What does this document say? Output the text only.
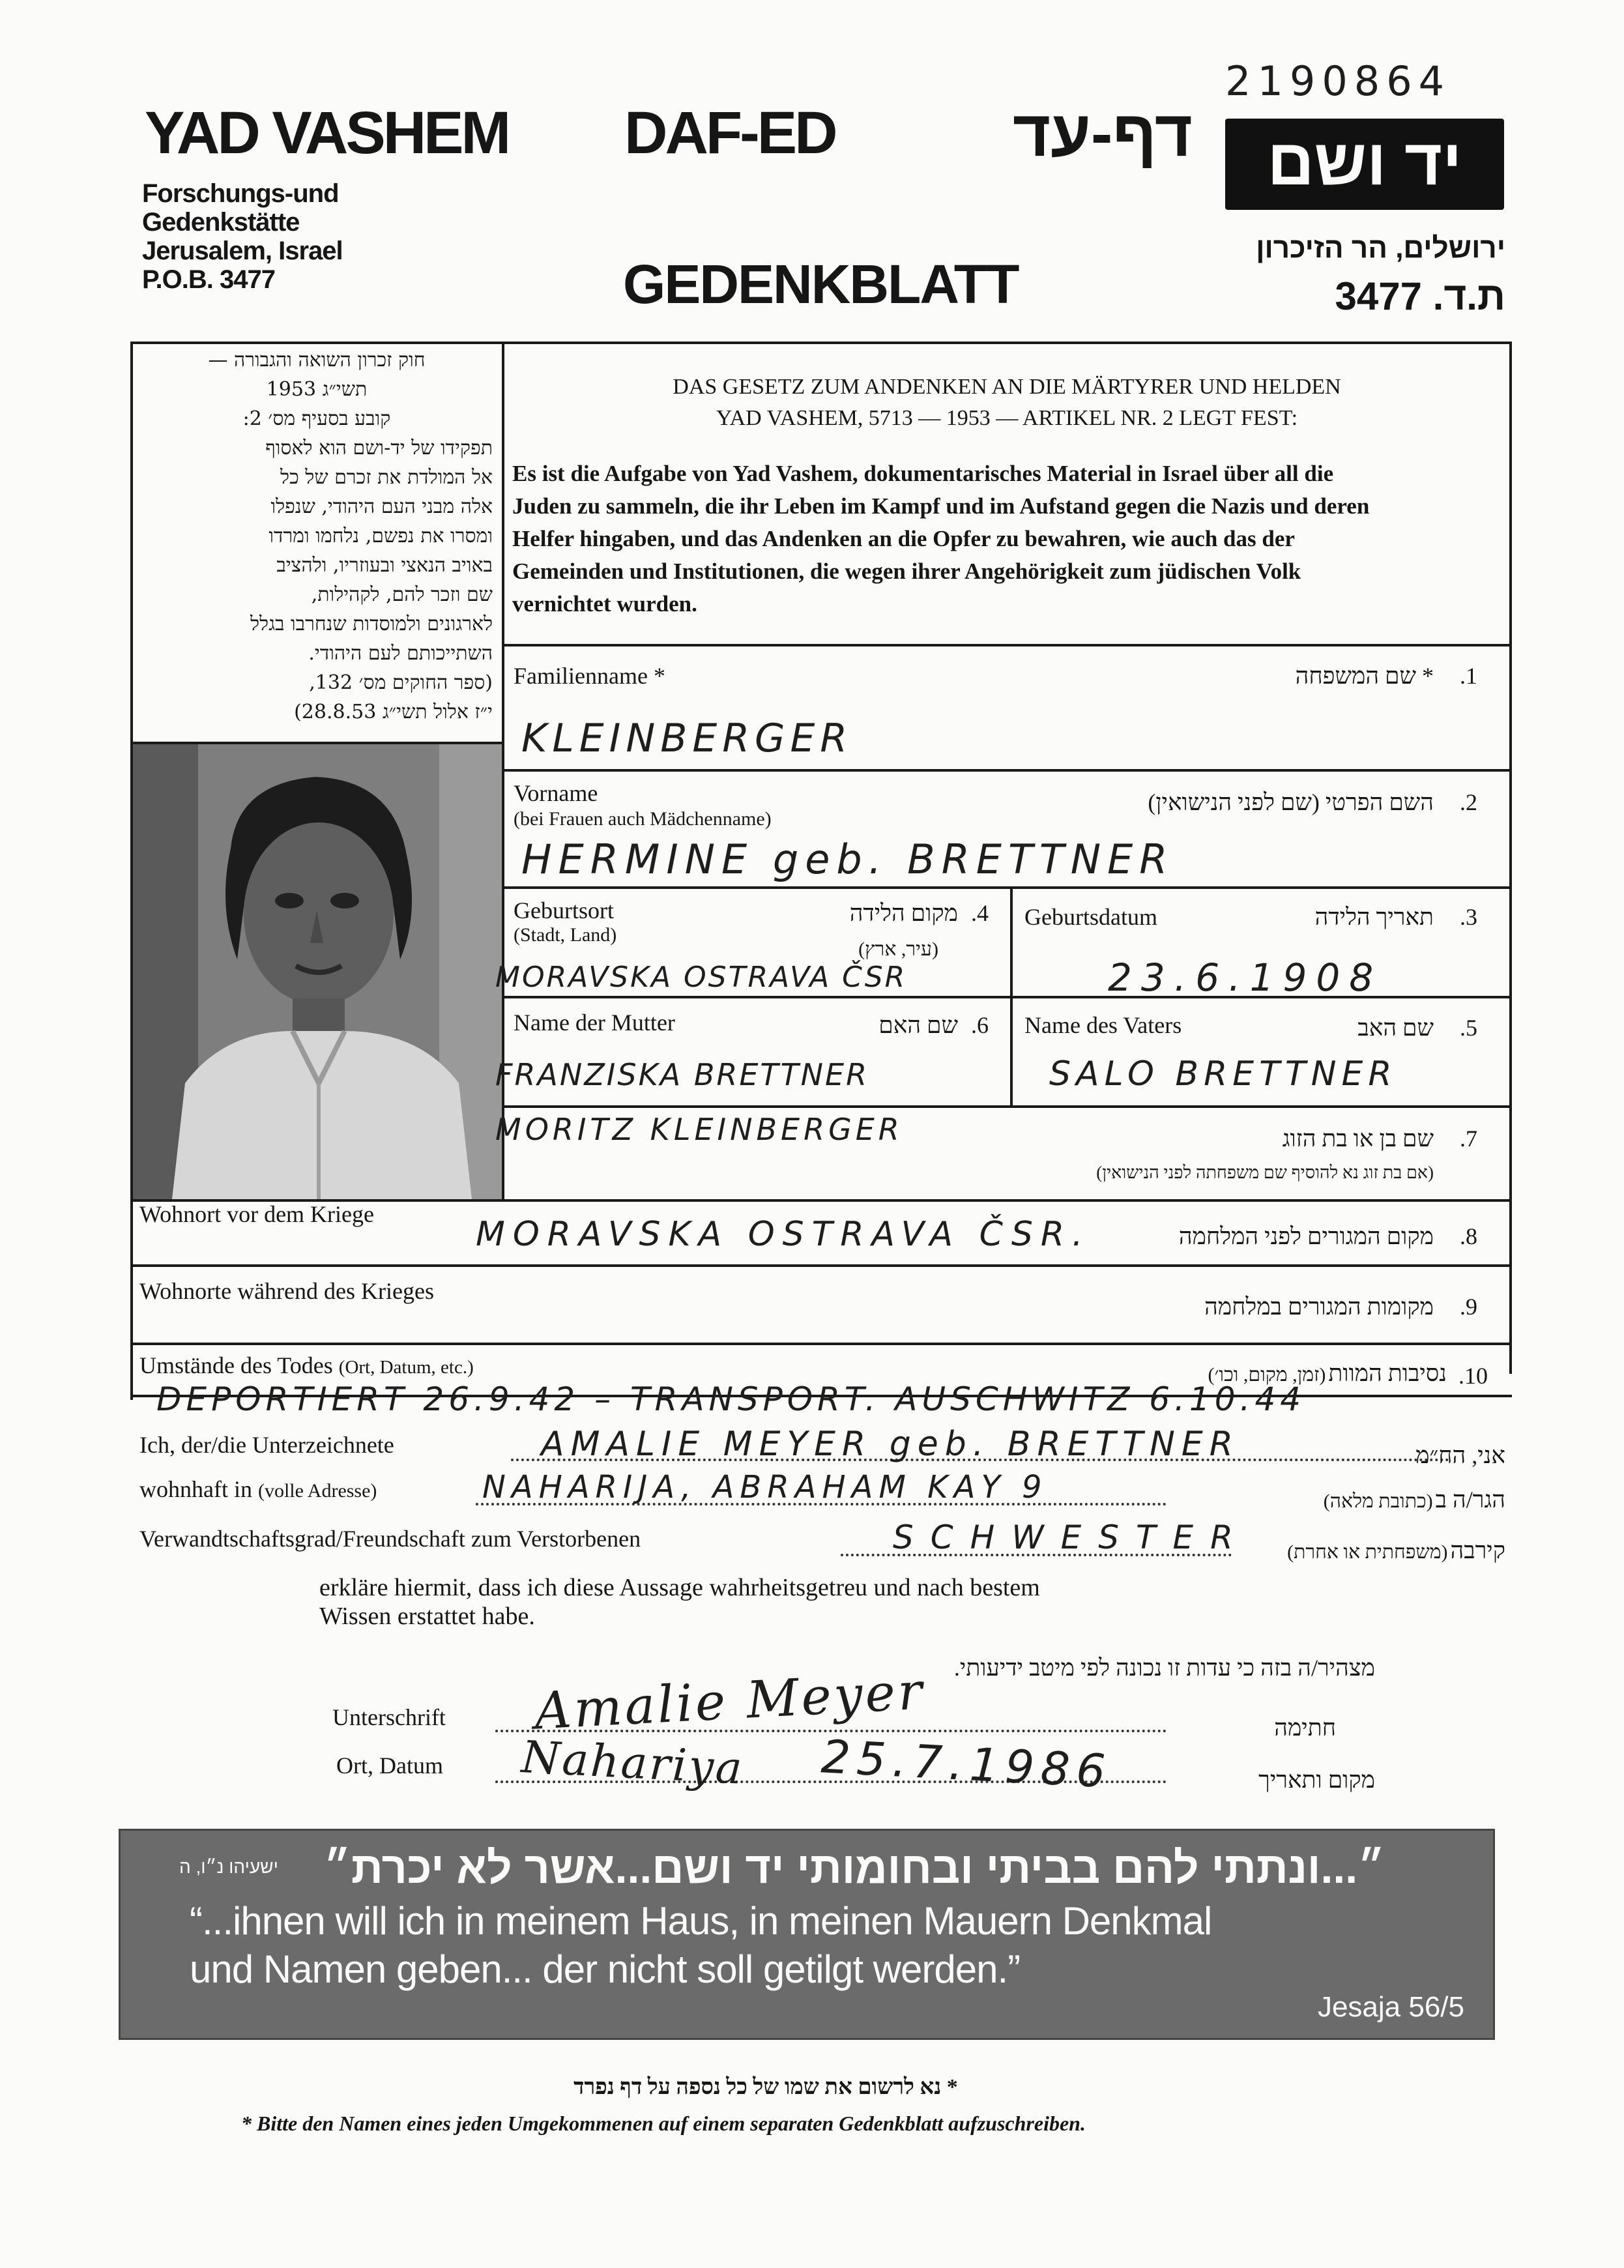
2190864
YAD VASHEM DAF-ED	דף-עד	יד ושם
Forschungs-und
Gedenkstätte
Jerusalem, Israel
P.O.B. 3477	GEDENKBLATT
ירושלים, הר הזיכרון
ת.ד. 3477
חוק זכרון השואה והגבורה —
תשי״ג 1953
קובע בסעיף מס׳ 2:
תפקידו של יד-ושם הוא לאסוף
אל המולדת את זכרם של כל
אלה מבני העם היהודי, שנפלו
ומסרו את נפשם, נלחמו ומרדו
באויב הנאצי ובעוזריו, ולהציב
שם וזכר להם, לקהילות,
לארגונים ולמוסדות שנחרבו בגלל
השתייכותם לעם היהודי.
(ספר החוקים מס׳ 132,
י״ז אלול תשי״ג 28.8.53)
DAS GESETZ ZUM ANDENKEN AN DIE MÄRTYRER UND HELDEN
YAD VASHEM, 5713 — 1953 — ARTIKEL NR. 2 LEGT FEST:
Es ist die Aufgabe von Yad Vashem, dokumentarisches Material in Israel über all die
Juden zu sammeln, die ihr Leben im Kampf und im Aufstand gegen die Nazis und deren
Helfer hingaben, und das Andenken an die Opfer zu bewahren, wie auch das der
Gemeinden und Institutionen, die wegen ihrer Angehörigkeit zum jüdischen Volk
vernichtet wurden.
Familienname *	* שם המשפחה .1
KLEINBERGER
Vorname
(bei Frauen auch Mädchenname)
השם הפרטי (שם לפני הנישואין) .2
HERMINE geb. BRETTNER
Geburtsort
(Stadt, Land)
מקום הלידה .4
(עיר, ארץ)
MORAVSKA OSTRAVA ČSR
Geburtsdatum	תאריך הלידה .3
23.6.1908
Name der Mutter	שם האם .6
FRANZISKA BRETTNER
Name des Vaters	שם האב .5
SALO BRETTNER
MORITZ KLEINBERGER	שם בן או בת הזוג .7
(אם בת זוג נא להוסיף שם משפחתה לפני הנישואין)
Wohnort vor dem Kriege
MORAVSKA OSTRAVA ČSR.	מקום המגורים לפני המלחמה .8
Wohnorte während des Krieges
מקומות המגורים במלחמה .9
Umstände des Todes (Ort, Datum, etc.)	נסיבות המוות (זמן, מקום, וכו׳)	.10
DEPORTIERT 26.9.42 – TRANSPORT. AUSCHWITZ 6.10.44
Ich, der/die Unterzeichnete	AMALIE MEYER geb. BRETTNER	אני, הח״מ
wohnhaft in (volle Adresse)	NAHARIJA, ABRAHAM KAY 9	הגר/ה ב (כתובת מלאה)
Verwandtschaftsgrad/Freundschaft zum Verstorbenen	SCHWESTER	קירבה (משפחתית או אחרת)
erkläre hiermit, dass ich diese Aussage wahrheitsgetreu und nach bestem
Wissen erstattet habe.
מצהיר/ה בזה כי עדות זו נכונה לפי מיטב ידיעותי.
Unterschrift Amalie Meyer	חתימה
Ort, Datum Nahariya 25.7.1986	מקום ותאריך
״...ונתתי להם בביתי ובחומותי יד ושם...אשר לא יכרת״
ישעיהו נ״ו, ה
“...ihnen will ich in meinem Haus, in meinen Mauern Denkmal
und Namen geben... der nicht soll getilgt werden.”
Jesaja 56/5
* נא לרשום את שמו של כל נספה על דף נפרד
* Bitte den Namen eines jeden Umgekommenen auf einem separaten Gedenkblatt aufzuschreiben.
